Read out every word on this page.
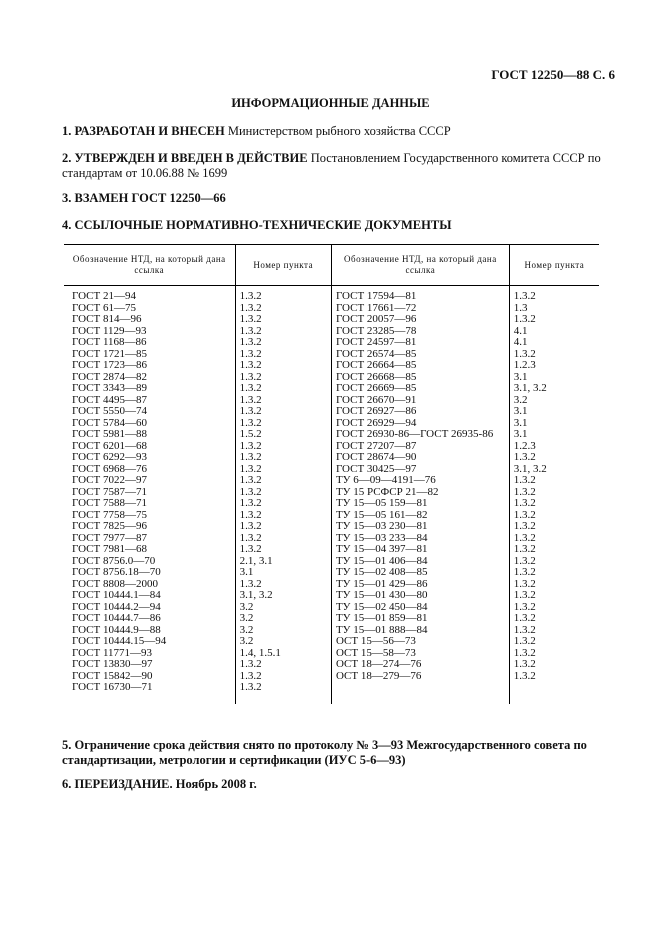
ГОСТ 12250—88 С. 6
ИНФОРМАЦИОННЫЕ ДАННЫЕ
1. РАЗРАБОТАН И ВНЕСЕН Министерством рыбного хозяйства СССР
2. УТВЕРЖДЕН И ВВЕДЕН В ДЕЙСТВИЕ Постановлением Государственного комитета СССР по стандартам от 10.06.88 № 1699
3. ВЗАМЕН ГОСТ 12250—66
4. ССЫЛОЧНЫЕ НОРМАТИВНО-ТЕХНИЧЕСКИЕ ДОКУМЕНТЫ
Обозначение НТД, на который дана ссылка	Номер пункта	Обозначение НТД, на который дана ссылка	Номер пункта
ГОСТ 21—94	1.3.2	ГОСТ 17594—81	1.3.2
ГОСТ 61—75	1.3.2	ГОСТ 17661—72	1.3
ГОСТ 814—96	1.3.2	ГОСТ 20057—96	1.3.2
ГОСТ 1129—93	1.3.2	ГОСТ 23285—78	4.1
ГОСТ 1168—86	1.3.2	ГОСТ 24597—81	4.1
ГОСТ 1721—85	1.3.2	ГОСТ 26574—85	1.3.2
ГОСТ 1723—86	1.3.2	ГОСТ 26664—85	1.2.3
ГОСТ 2874—82	1.3.2	ГОСТ 26668—85	3.1
ГОСТ 3343—89	1.3.2	ГОСТ 26669—85	3.1, 3.2
ГОСТ 4495—87	1.3.2	ГОСТ 26670—91	3.2
ГОСТ 5550—74	1.3.2	ГОСТ 26927—86	3.1
ГОСТ 5784—60	1.3.2	ГОСТ 26929—94	3.1
ГОСТ 5981—88	1.5.2	ГОСТ 26930-86—ГОСТ 26935-86	3.1
ГОСТ 6201—68	1.3.2	ГОСТ 27207—87	1.2.3
ГОСТ 6292—93	1.3.2	ГОСТ 28674—90	1.3.2
ГОСТ 6968—76	1.3.2	ГОСТ 30425—97	3.1, 3.2
ГОСТ 7022—97	1.3.2	ТУ 6—09—4191—76	1.3.2
ГОСТ 7587—71	1.3.2	ТУ 15 РСФСР 21—82	1.3.2
ГОСТ 7588—71	1.3.2	ТУ 15—05 159—81	1.3.2
ГОСТ 7758—75	1.3.2	ТУ 15—05 161—82	1.3.2
ГОСТ 7825—96	1.3.2	ТУ 15—03 230—81	1.3.2
ГОСТ 7977—87	1.3.2	ТУ 15—03 233—84	1.3.2
ГОСТ 7981—68	1.3.2	ТУ 15—04 397—81	1.3.2
ГОСТ 8756.0—70	2.1, 3.1	ТУ 15—01 406—84	1.3.2
ГОСТ 8756.18—70	3.1	ТУ 15—02 408—85	1.3.2
ГОСТ 8808—2000	1.3.2	ТУ 15—01 429—86	1.3.2
ГОСТ 10444.1—84	3.1, 3.2	ТУ 15—01 430—80	1.3.2
ГОСТ 10444.2—94	3.2	ТУ 15—02 450—84	1.3.2
ГОСТ 10444.7—86	3.2	ТУ 15—01 859—81	1.3.2
ГОСТ 10444.9—88	3.2	ТУ 15—01 888—84	1.3.2
ГОСТ 10444.15—94	3.2	ОСТ 15—56—73	1.3.2
ГОСТ 11771—93	1.4, 1.5.1	ОСТ 15—58—73	1.3.2
ГОСТ 13830—97	1.3.2	ОСТ 18—274—76	1.3.2
ГОСТ 15842—90	1.3.2	ОСТ 18—279—76	1.3.2
ГОСТ 16730—71	1.3.2		
5. Ограничение срока действия снято по протоколу № 3—93 Межгосударственного совета по стандартизации, метрологии и сертификации (ИУС 5-6—93)
6. ПЕРЕИЗДАНИЕ. Ноябрь 2008 г.
